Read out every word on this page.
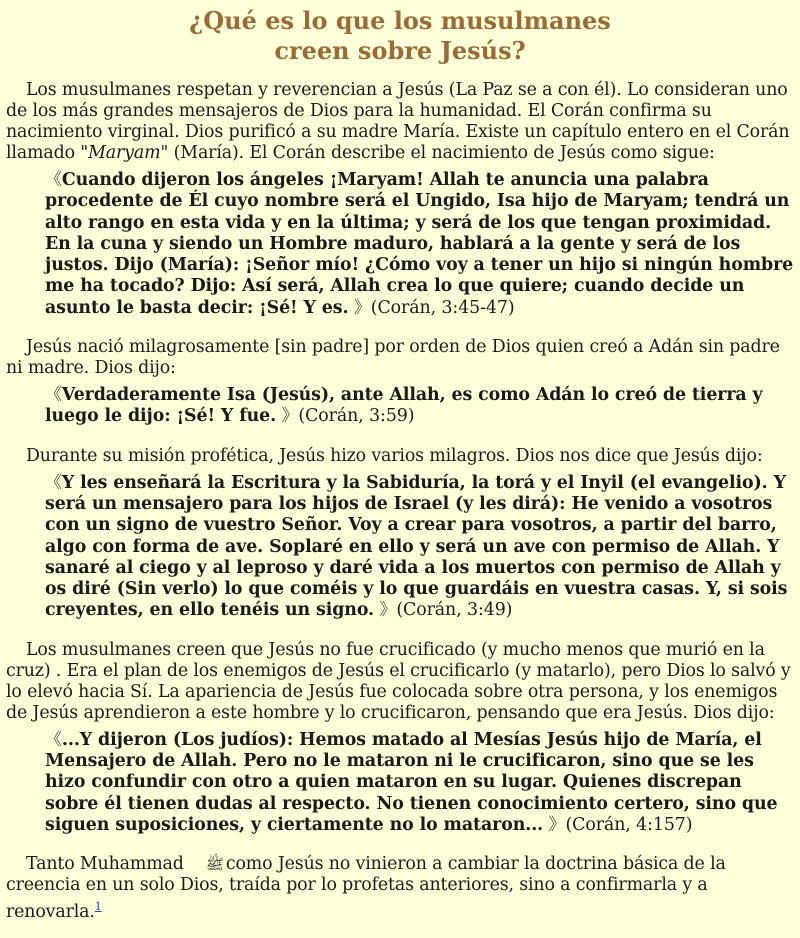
¿Qué es lo que los musulmanes
creen sobre Jesús?

Los musulmanes respetan y reverencian a Jesús (La Paz se a con él). Lo consideran uno de los más grandes mensajeros de Dios para la humanidad. El Corán confirma su nacimiento virginal. Dios purificó a su madre María. Existe un capítulo entero en el Corán llamado "Maryam" (María). El Corán describe el nacimiento de Jesús como sigue:

《Cuando dijeron los ángeles ¡Maryam! Allah te anuncia una palabra procedente de Él cuyo nombre será el Ungido, Isa hijo de Maryam; tendrá un alto rango en esta vida y en la última; y será de los que tengan proximidad. En la cuna y siendo un Hombre maduro, hablará a la gente y será de los justos. Dijo (María): ¡Señor mío! ¿Cómo voy a tener un hijo si ningún hombre me ha tocado? Dijo: Así será, Allah crea lo que quiere; cuando decide un asunto le basta decir: ¡Sé! Y es. 》(Corán, 3:45-47)

Jesús nació milagrosamente [sin padre] por orden de Dios quien creó a Adán sin padre ni madre. Dios dijo:

《Verdaderamente Isa (Jesús), ante Allah, es como Adán lo creó de tierra y luego le dijo: ¡Sé! Y fue. 》(Corán, 3:59)

Durante su misión profética, Jesús hizo varios milagros. Dios nos dice que Jesús dijo:

《Y les enseñará la Escritura y la Sabiduría, la torá y el Inyil (el evangelio). Y será un mensajero para los hijos de Israel (y les dirá): He venido a vosotros con un signo de vuestro Señor. Voy a crear para vosotros, a partir del barro, algo con forma de ave. Soplaré en ello y será un ave con permiso de Allah. Y sanaré al ciego y al leproso y daré vida a los muertos con permiso de Allah y os diré (Sin verlo) lo que coméis y lo que guardáis en vuestra casas. Y, si sois creyentes, en ello tenéis un signo. 》(Corán, 3:49)

Los musulmanes creen que Jesús no fue crucificado (y mucho menos que murió en la cruz) . Era el plan de los enemigos de Jesús el crucificarlo (y matarlo), pero Dios lo salvó y lo elevó hacia Sí. La apariencia de Jesús fue colocada sobre otra persona, y los enemigos de Jesús aprendieron a este hombre y lo crucificaron, pensando que era Jesús. Dios dijo:

《...Y dijeron (Los judíos): Hemos matado al Mesías Jesús hijo de María, el Mensajero de Allah. Pero no le mataron ni le crucificaron, sino que se les hizo confundir con otro a quien mataron en su lugar. Quienes discrepan sobre él tienen dudas al respecto. No tienen conocimiento certero, sino que siguen suposiciones, y ciertamente no lo mataron... 》(Corán, 4:157)

Tanto Muhammad ﷺ como Jesús no vinieron a cambiar la doctrina básica de la creencia en un solo Dios, traída por lo profetas anteriores, sino a confirmarla y a renovarla.$^1$
